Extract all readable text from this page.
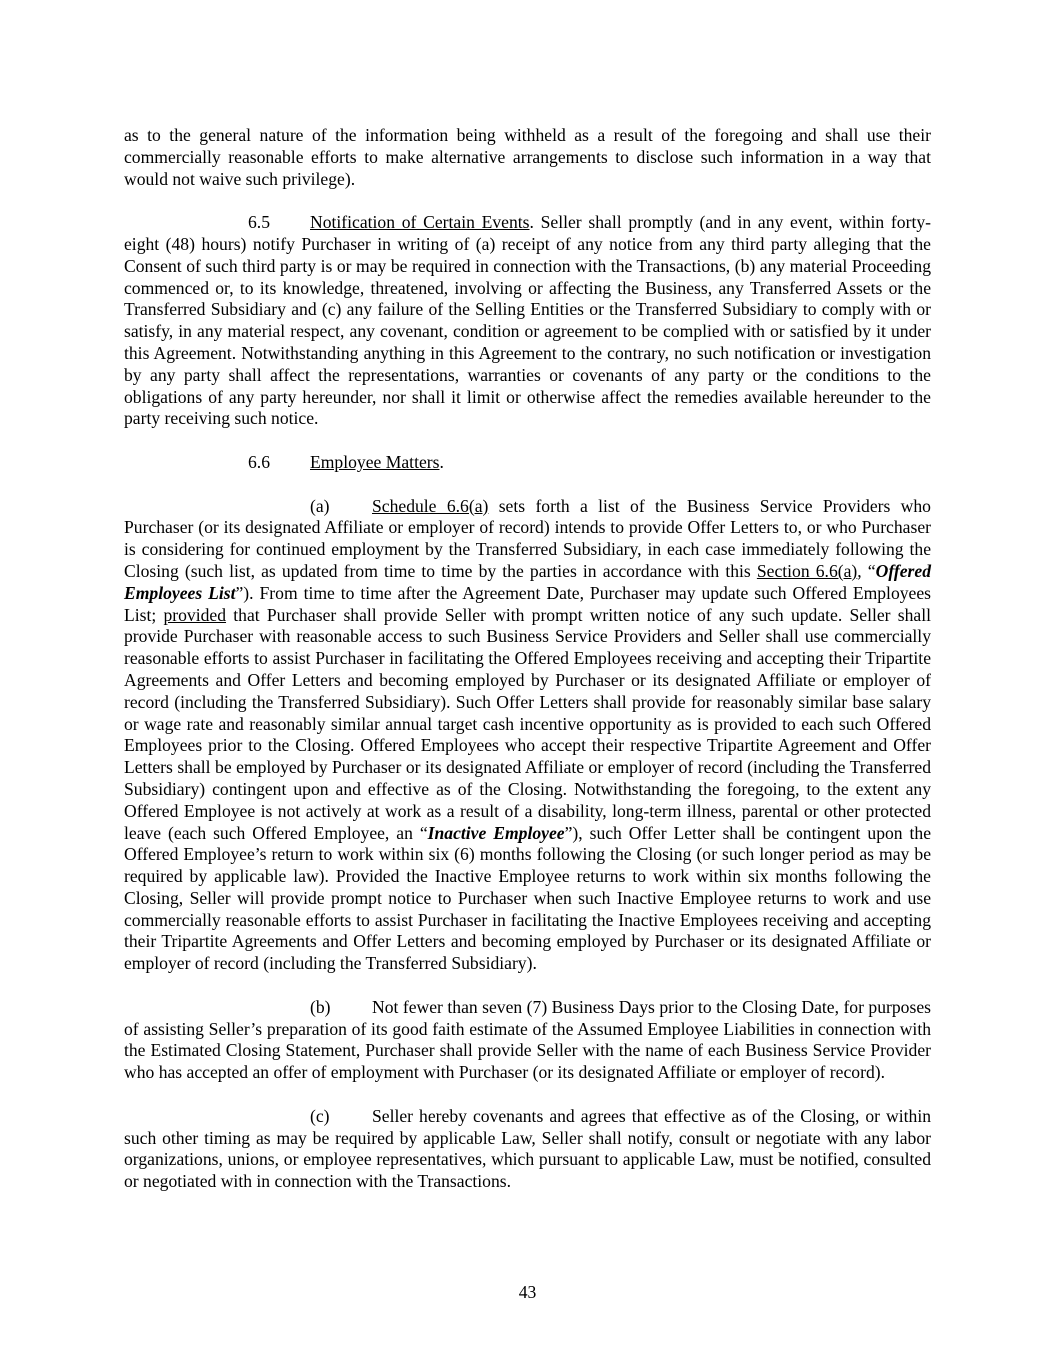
as to the general nature of the information being withheld as a result of the foregoing and shall use their commercially reasonable efforts to make alternative arrangements to disclose such information in a way that would not waive such privilege).

6.5 Notification of Certain Events. Seller shall promptly (and in any event, within forty-eight (48) hours) notify Purchaser in writing of (a) receipt of any notice from any third party alleging that the Consent of such third party is or may be required in connection with the Transactions, (b) any material Proceeding commenced or, to its knowledge, threatened, involving or affecting the Business, any Transferred Assets or the Transferred Subsidiary and (c) any failure of the Selling Entities or the Transferred Subsidiary to comply with or satisfy, in any material respect, any covenant, condition or agreement to be complied with or satisfied by it under this Agreement. Notwithstanding anything in this Agreement to the contrary, no such notification or investigation by any party shall affect the representations, warranties or covenants of any party or the conditions to the obligations of any party hereunder, nor shall it limit or otherwise affect the remedies available hereunder to the party receiving such notice.

6.6 Employee Matters.

(a) Schedule 6.6(a) sets forth a list of the Business Service Providers who Purchaser (or its designated Affiliate or employer of record) intends to provide Offer Letters to, or who Purchaser is considering for continued employment by the Transferred Subsidiary, in each case immediately following the Closing (such list, as updated from time to time by the parties in accordance with this Section 6.6(a), “Offered Employees List”). From time to time after the Agreement Date, Purchaser may update such Offered Employees List; provided that Purchaser shall provide Seller with prompt written notice of any such update. Seller shall provide Purchaser with reasonable access to such Business Service Providers and Seller shall use commercially reasonable efforts to assist Purchaser in facilitating the Offered Employees receiving and accepting their Tripartite Agreements and Offer Letters and becoming employed by Purchaser or its designated Affiliate or employer of record (including the Transferred Subsidiary). Such Offer Letters shall provide for reasonably similar base salary or wage rate and reasonably similar annual target cash incentive opportunity as is provided to each such Offered Employees prior to the Closing. Offered Employees who accept their respective Tripartite Agreement and Offer Letters shall be employed by Purchaser or its designated Affiliate or employer of record (including the Transferred Subsidiary) contingent upon and effective as of the Closing. Notwithstanding the foregoing, to the extent any Offered Employee is not actively at work as a result of a disability, long-term illness, parental or other protected leave (each such Offered Employee, an “Inactive Employee”), such Offer Letter shall be contingent upon the Offered Employee’s return to work within six (6) months following the Closing (or such longer period as may be required by applicable law). Provided the Inactive Employee returns to work within six months following the Closing, Seller will provide prompt notice to Purchaser when such Inactive Employee returns to work and use commercially reasonable efforts to assist Purchaser in facilitating the Inactive Employees receiving and accepting their Tripartite Agreements and Offer Letters and becoming employed by Purchaser or its designated Affiliate or employer of record (including the Transferred Subsidiary).

(b) Not fewer than seven (7) Business Days prior to the Closing Date, for purposes of assisting Seller’s preparation of its good faith estimate of the Assumed Employee Liabilities in connection with the Estimated Closing Statement, Purchaser shall provide Seller with the name of each Business Service Provider who has accepted an offer of employment with Purchaser (or its designated Affiliate or employer of record).

(c) Seller hereby covenants and agrees that effective as of the Closing, or within such other timing as may be required by applicable Law, Seller shall notify, consult or negotiate with any labor organizations, unions, or employee representatives, which pursuant to applicable Law, must be notified, consulted or negotiated with in connection with the Transactions.

43
